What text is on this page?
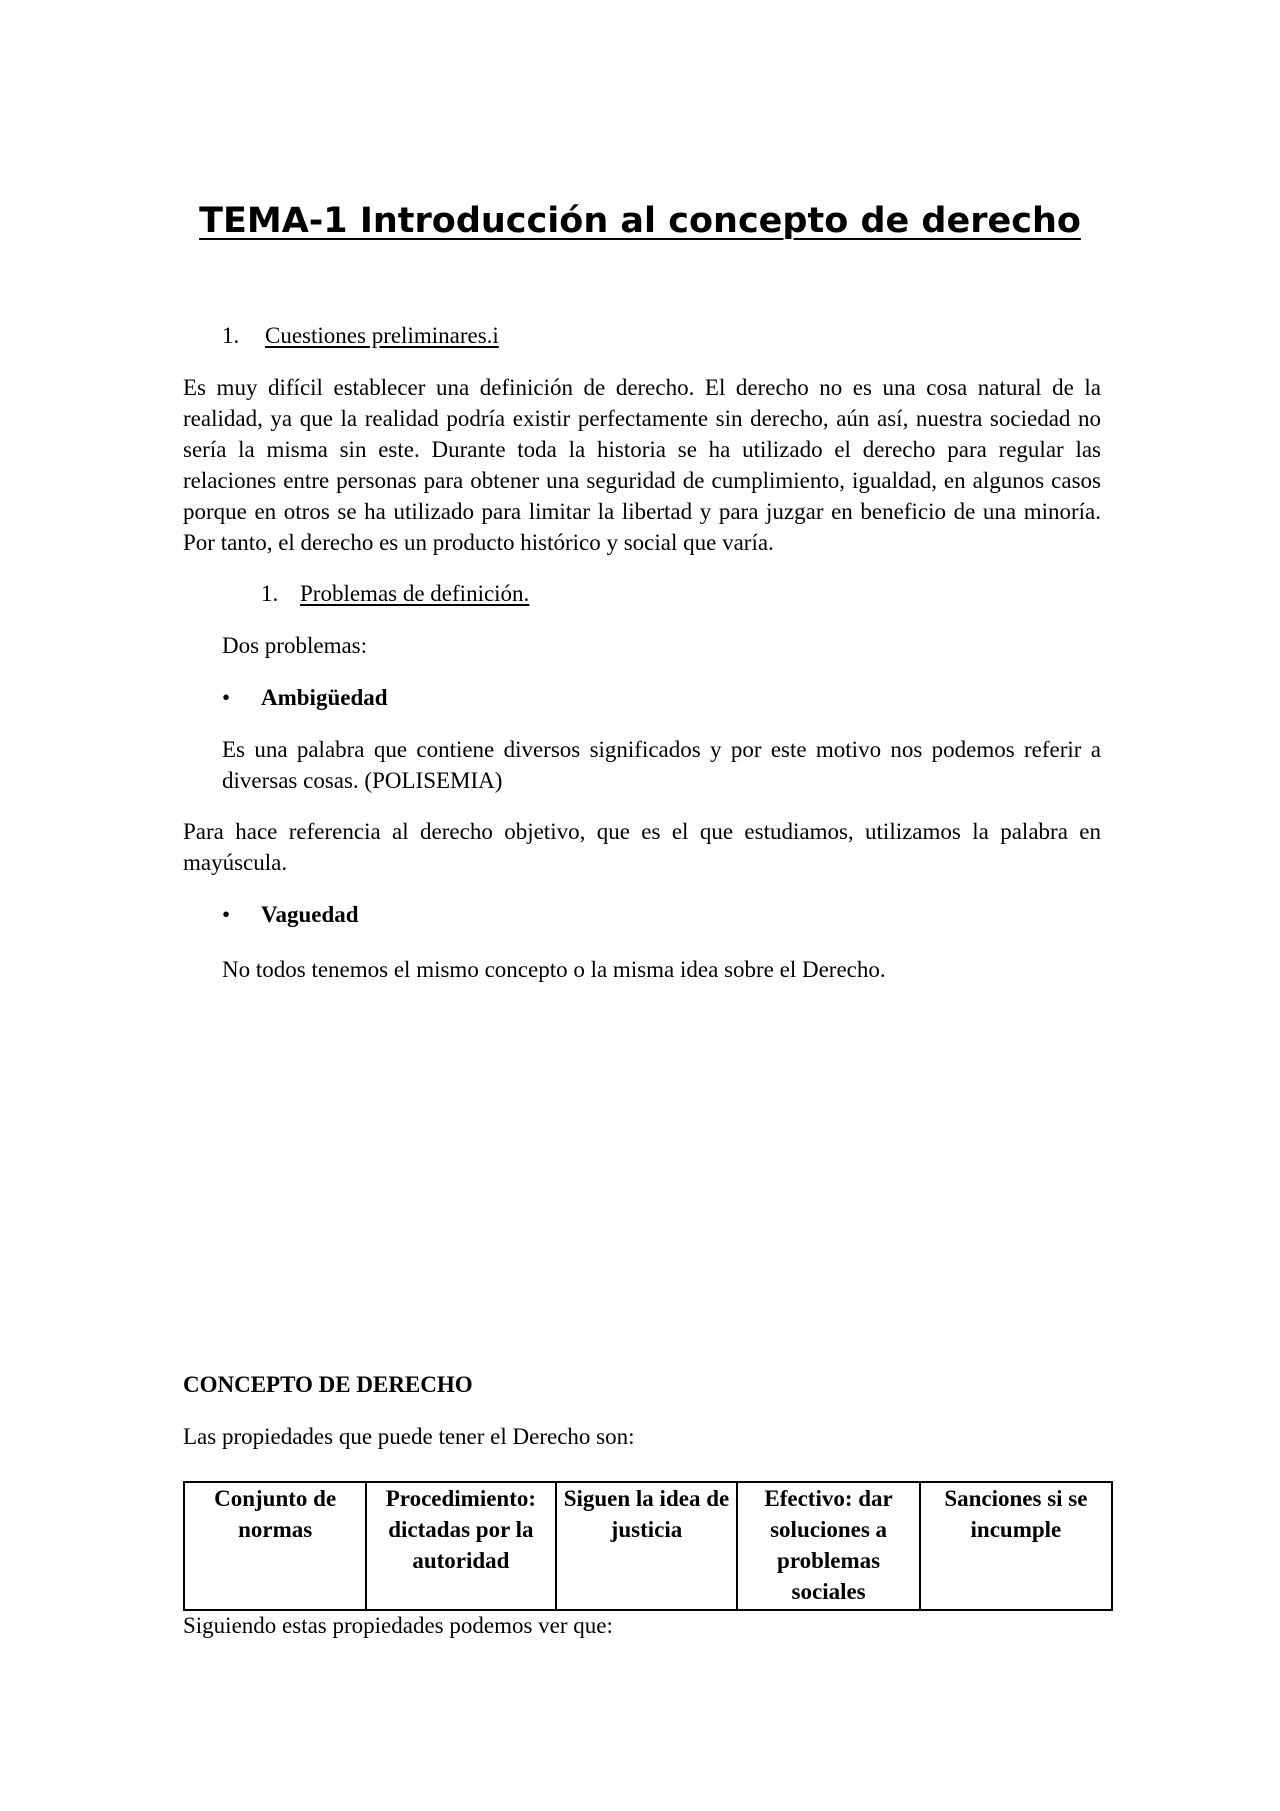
TEMA-1 Introducción al concepto de derecho
1.	Cuestiones preliminares.i

Es muy difícil establecer una definición de derecho. El derecho no es una cosa natural de la realidad, ya que la realidad podría existir perfectamente sin derecho, aún así, nuestra sociedad no sería la misma sin este. Durante toda la historia se ha utilizado el derecho para regular las relaciones entre personas para obtener una seguridad de cumplimiento, igualdad, en algunos casos porque en otros se ha utilizado para limitar la libertad y para juzgar en beneficio de una minoría. Por tanto, el derecho es un producto histórico y social que varía.

1. Problemas de definición.

Dos problemas:

•	Ambigüedad

Es una palabra que contiene diversos significados y por este motivo nos podemos referir a diversas cosas. (POLISEMIA)

Para hace referencia al derecho objetivo, que es el que estudiamos, utilizamos la palabra en mayúscula.

•	Vaguedad

No todos tenemos el mismo concepto o la misma idea sobre el Derecho.

CONCEPTO DE DERECHO

Las propiedades que puede tener el Derecho son:

Conjunto de normas	Procedimiento: dictadas por la autoridad	Siguen la idea de justicia	Efectivo: dar soluciones a problemas sociales	Sanciones si se incumple

Siguiendo estas propiedades podemos ver que:
